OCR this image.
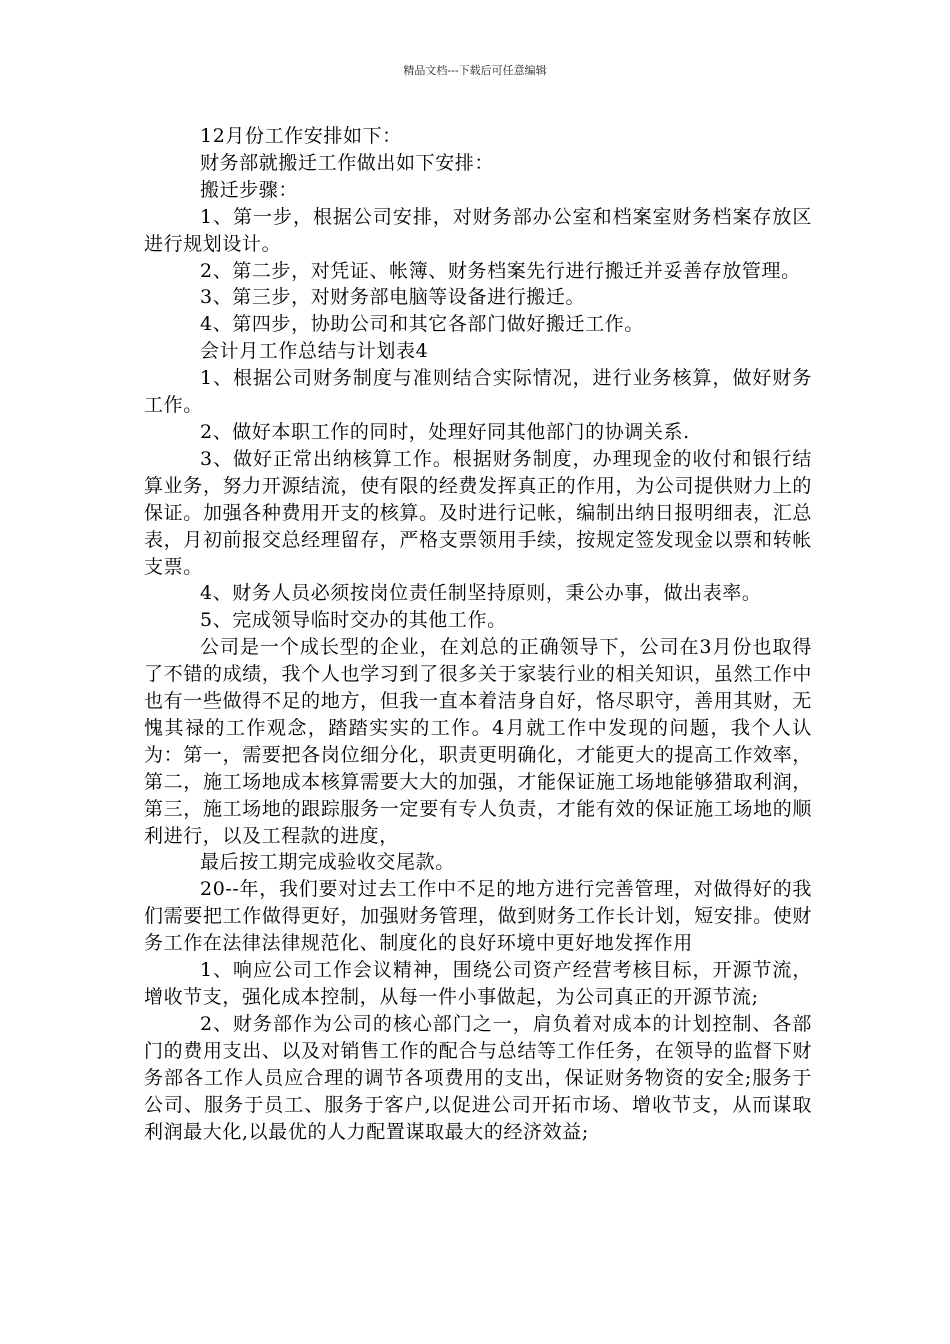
精品文档---下载后可任意编辑

12月份工作安排如下：

财务部就搬迁工作做出如下安排：

搬迁步骤：

1、第一步，根据公司安排，对财务部办公室和档案室财务档案存放区进行规划设计。

2、第二步，对凭证、帐簿、财务档案先行进行搬迁并妥善存放管理。

3、第三步，对财务部电脑等设备进行搬迁。

4、第四步，协助公司和其它各部门做好搬迁工作。

会计月工作总结与计划表4

1、根据公司财务制度与准则结合实际情况，进行业务核算，做好财务工作。

2、做好本职工作的同时，处理好同其他部门的协调关系.

3、做好正常出纳核算工作。根据财务制度，办理现金的收付和银行结算业务，努力开源结流，使有限的经费发挥真正的作用，为公司提供财力上的保证。加强各种费用开支的核算。及时进行记帐，编制出纳日报明细表，汇总表，月初前报交总经理留存，严格支票领用手续，按规定签发现金以票和转帐支票。

4、财务人员必须按岗位责任制坚持原则，秉公办事，做出表率。

5、完成领导临时交办的其他工作。

公司是一个成长型的企业，在刘总的正确领导下，公司在3月份也取得了不错的成绩，我个人也学习到了很多关于家装行业的相关知识，虽然工作中也有一些做得不足的地方，但我一直本着洁身自好，恪尽职守，善用其财，无愧其禄的工作观念，踏踏实实的工作。4月就工作中发现的问题，我个人认为：第一，需要把各岗位细分化，职责更明确化，才能更大的提高工作效率，第二，施工场地成本核算需要大大的加强，才能保证施工场地能够猎取利润，第三，施工场地的跟踪服务一定要有专人负责，才能有效的保证施工场地的顺利进行，以及工程款的进度，

最后按工期完成验收交尾款。

20--年，我们要对过去工作中不足的地方进行完善管理，对做得好的我们需要把工作做得更好，加强财务管理，做到财务工作长计划，短安排。使财务工作在法律法律规范化、制度化的良好环境中更好地发挥作用

1、响应公司工作会议精神，围绕公司资产经营考核目标，开源节流，增收节支，强化成本控制，从每一件小事做起，为公司真正的开源节流;

2、财务部作为公司的核心部门之一，肩负着对成本的计划控制、各部门的费用支出、以及对销售工作的配合与总结等工作任务，在领导的监督下财务部各工作人员应合理的调节各项费用的支出，保证财务物资的安全;服务于公司、服务于员工、服务于客户,以促进公司开拓市场、增收节支，从而谋取利润最大化,以最优的人力配置谋取最大的经济效益;
